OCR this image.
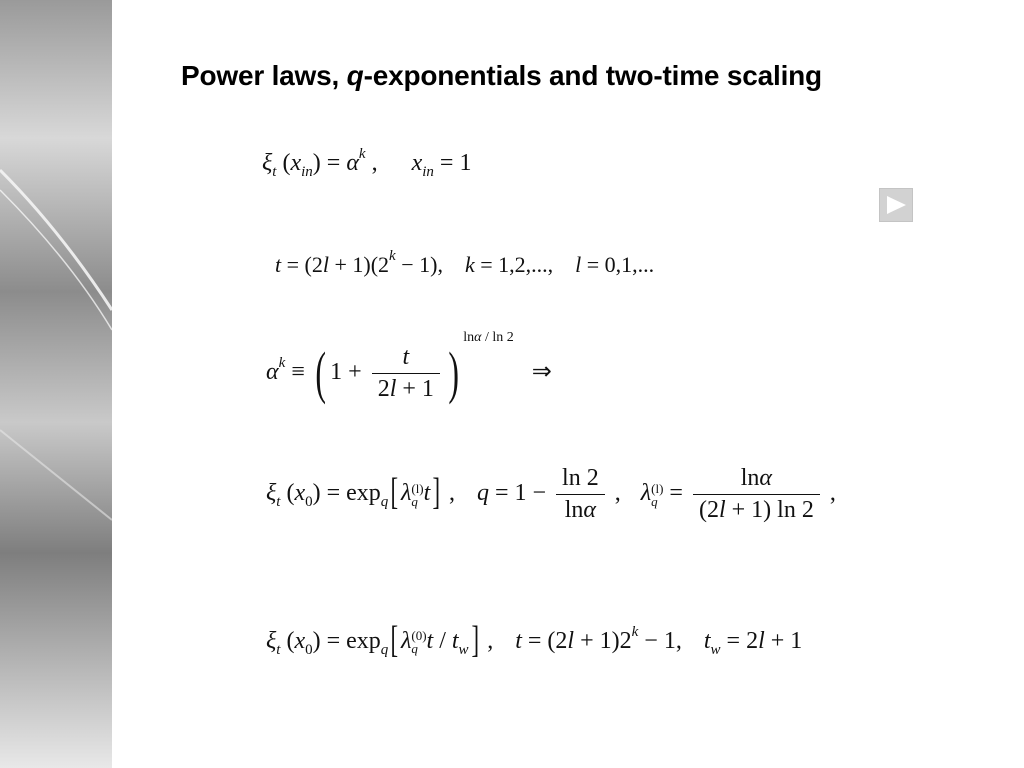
Power laws, q-exponentials and two-time scaling
$\xi_t$ $(x_{in}) = \alpha^k$ , $x_{in} = 1$
$t = (2l + 1)(2^k - 1)$, k = 1,2,..., l = 0,1,...
$\alpha^k$ ≡ ( $1 + \frac{t}{2l + 1}$ )$^{ln\alpha / ln 2}$⇒
$\xi_t$ $(x_0) = \exp_q$[ λ (l)
q t] , $q = 1 - \frac{\ln 2}{\ln\alpha}$ , λ (l)
$q = \frac{\ln\alpha}{(2l + 1) \ln 2}$ ,
$\xi_t$ $(x_0) = \exp_q$[ λ (0)
q t / $t_w$] , $t = (2l + 1)2^k - 1$, $t_w = 2l + 1$
